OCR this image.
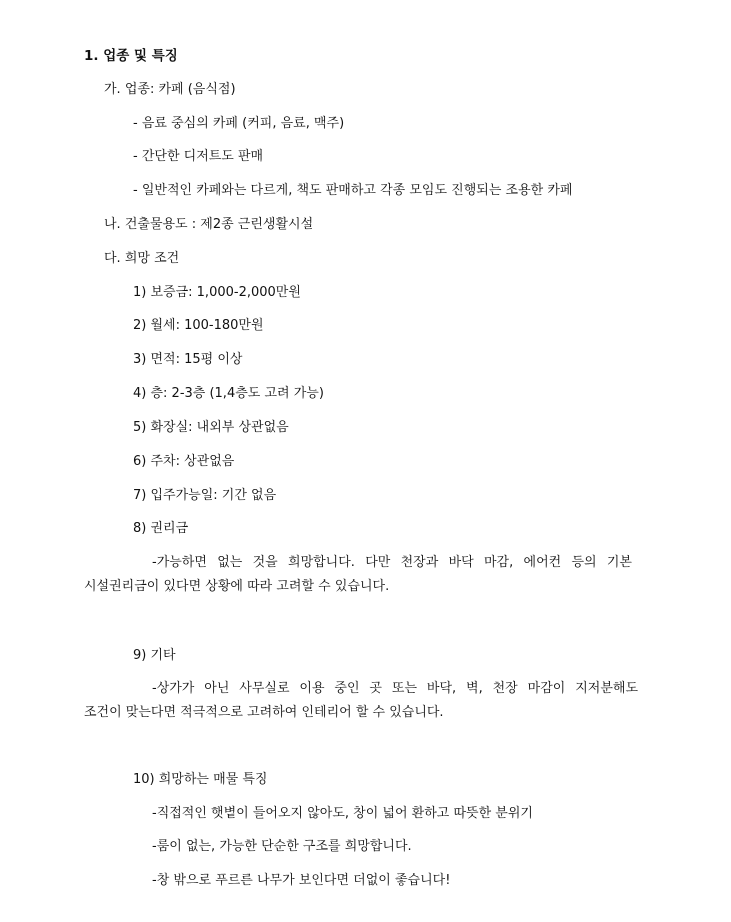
1. 업종 및 특징
가. 업종: 카페 (음식점)
- 음료 중심의 카페 (커피, 음료, 맥주)
- 간단한 디저트도 판매
- 일반적인 카페와는 다르게, 책도 판매하고 각종 모임도 진행되는 조용한 카페
나. 건출물용도 : 제2종 근린생활시설
다. 희망 조건
1) 보증금: 1,000-2,000만원
2) 월세: 100-180만원
3) 면적: 15평 이상
4) 층: 2-3층 (1,4층도 고려 가능)
5) 화장실: 내외부 상관없음
6) 주차: 상관없음
7) 입주가능일: 기간 없음
8) 권리금
-가능하면 없는 것을 희망합니다. 다만 천장과 바닥 마감, 에어컨 등의 기본
시설권리금이 있다면 상황에 따라 고려할 수 있습니다.
9) 기타
-상가가 아닌 사무실로 이용 중인 곳 또는 바닥, 벽, 천장 마감이 지저분해도
조건이 맞는다면 적극적으로 고려하여 인테리어 할 수 있습니다.
10) 희망하는 매물 특징
-직접적인 햇볕이 들어오지 않아도, 창이 넓어 환하고 따뜻한 분위기
-룸이 없는, 가능한 단순한 구조를 희망합니다.
-창 밖으로 푸르른 나무가 보인다면 더없이 좋습니다!
